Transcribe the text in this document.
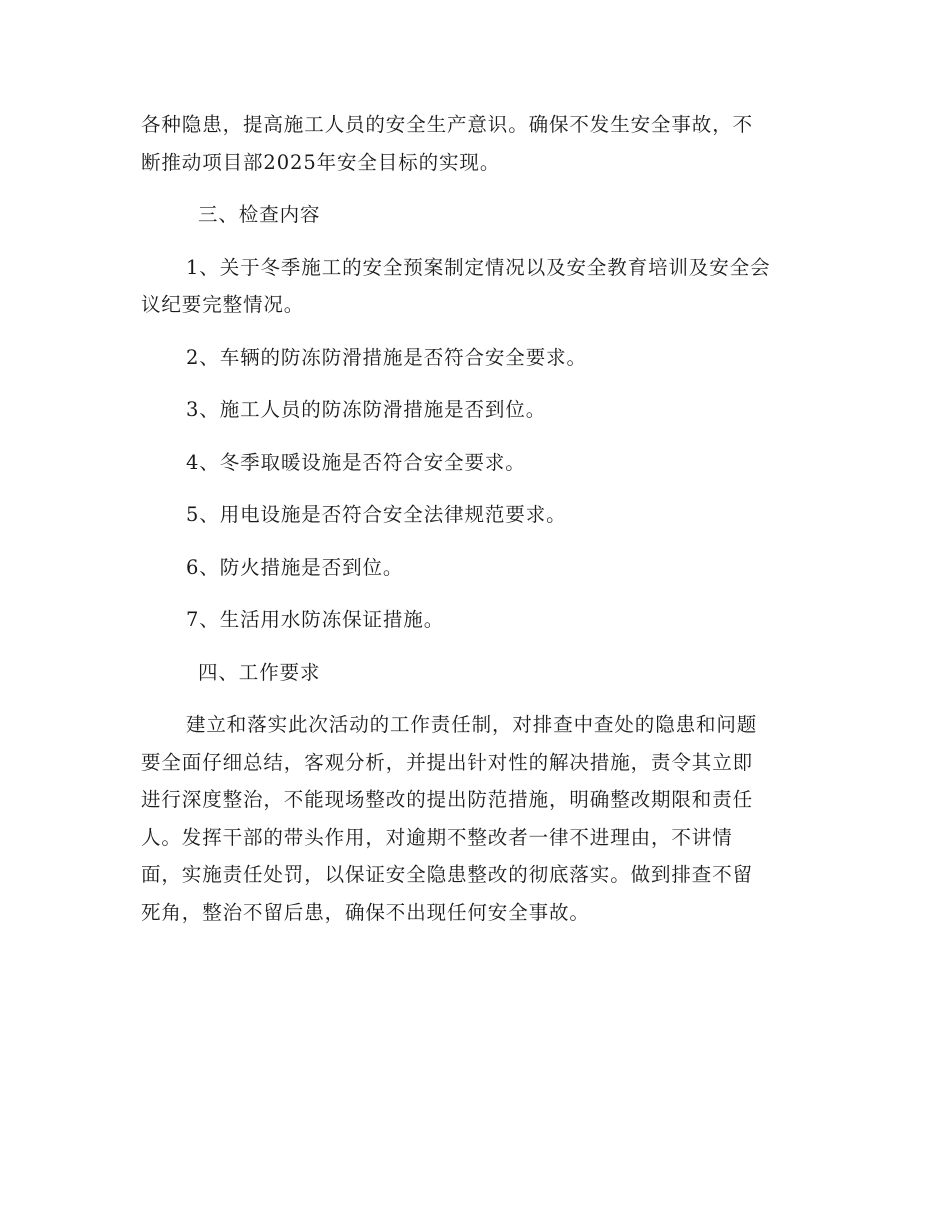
各种隐患，提高施工人员的安全生产意识。确保不发生安全事故，不
断推动项目部2025年安全目标的实现。

三、检查内容

1、关于冬季施工的安全预案制定情况以及安全教育培训及安全会
议纪要完整情况。

2、车辆的防冻防滑措施是否符合安全要求。

3、施工人员的防冻防滑措施是否到位。

4、冬季取暖设施是否符合安全要求。

5、用电设施是否符合安全法律规范要求。

6、防火措施是否到位。

7、生活用水防冻保证措施。

四、工作要求

建立和落实此次活动的工作责任制，对排查中查处的隐患和问题
要全面仔细总结，客观分析，并提出针对性的解决措施，责令其立即
进行深度整治，不能现场整改的提出防范措施，明确整改期限和责任
人。发挥干部的带头作用，对逾期不整改者一律不进理由，不讲情
面，实施责任处罚，以保证安全隐患整改的彻底落实。做到排查不留
死角，整治不留后患，确保不出现任何安全事故。
